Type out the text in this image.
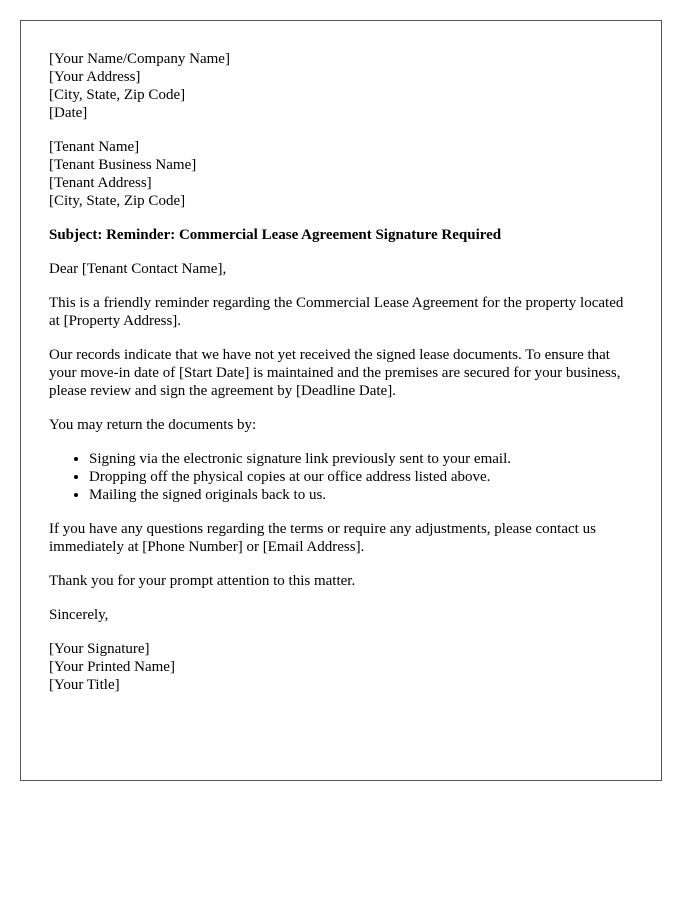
[Your Name/Company Name]
[Your Address]
[City, State, Zip Code]
[Date]
[Tenant Name]
[Tenant Business Name]
[Tenant Address]
[City, State, Zip Code]

Subject: Reminder: Commercial Lease Agreement Signature Required

Dear [Tenant Contact Name],

This is a friendly reminder regarding the Commercial Lease Agreement for the property located at [Property Address].

Our records indicate that we have not yet received the signed lease documents. To ensure that your move-in date of [Start Date] is maintained and the premises are secured for your business, please review and sign the agreement by [Deadline Date].

You may return the documents by:

• Signing via the electronic signature link previously sent to your email.
• Dropping off the physical copies at our office address listed above.
• Mailing the signed originals back to us.

If you have any questions regarding the terms or require any adjustments, please contact us immediately at [Phone Number] or [Email Address].

Thank you for your prompt attention to this matter.

Sincerely,

[Your Signature]
[Your Printed Name]
[Your Title]
